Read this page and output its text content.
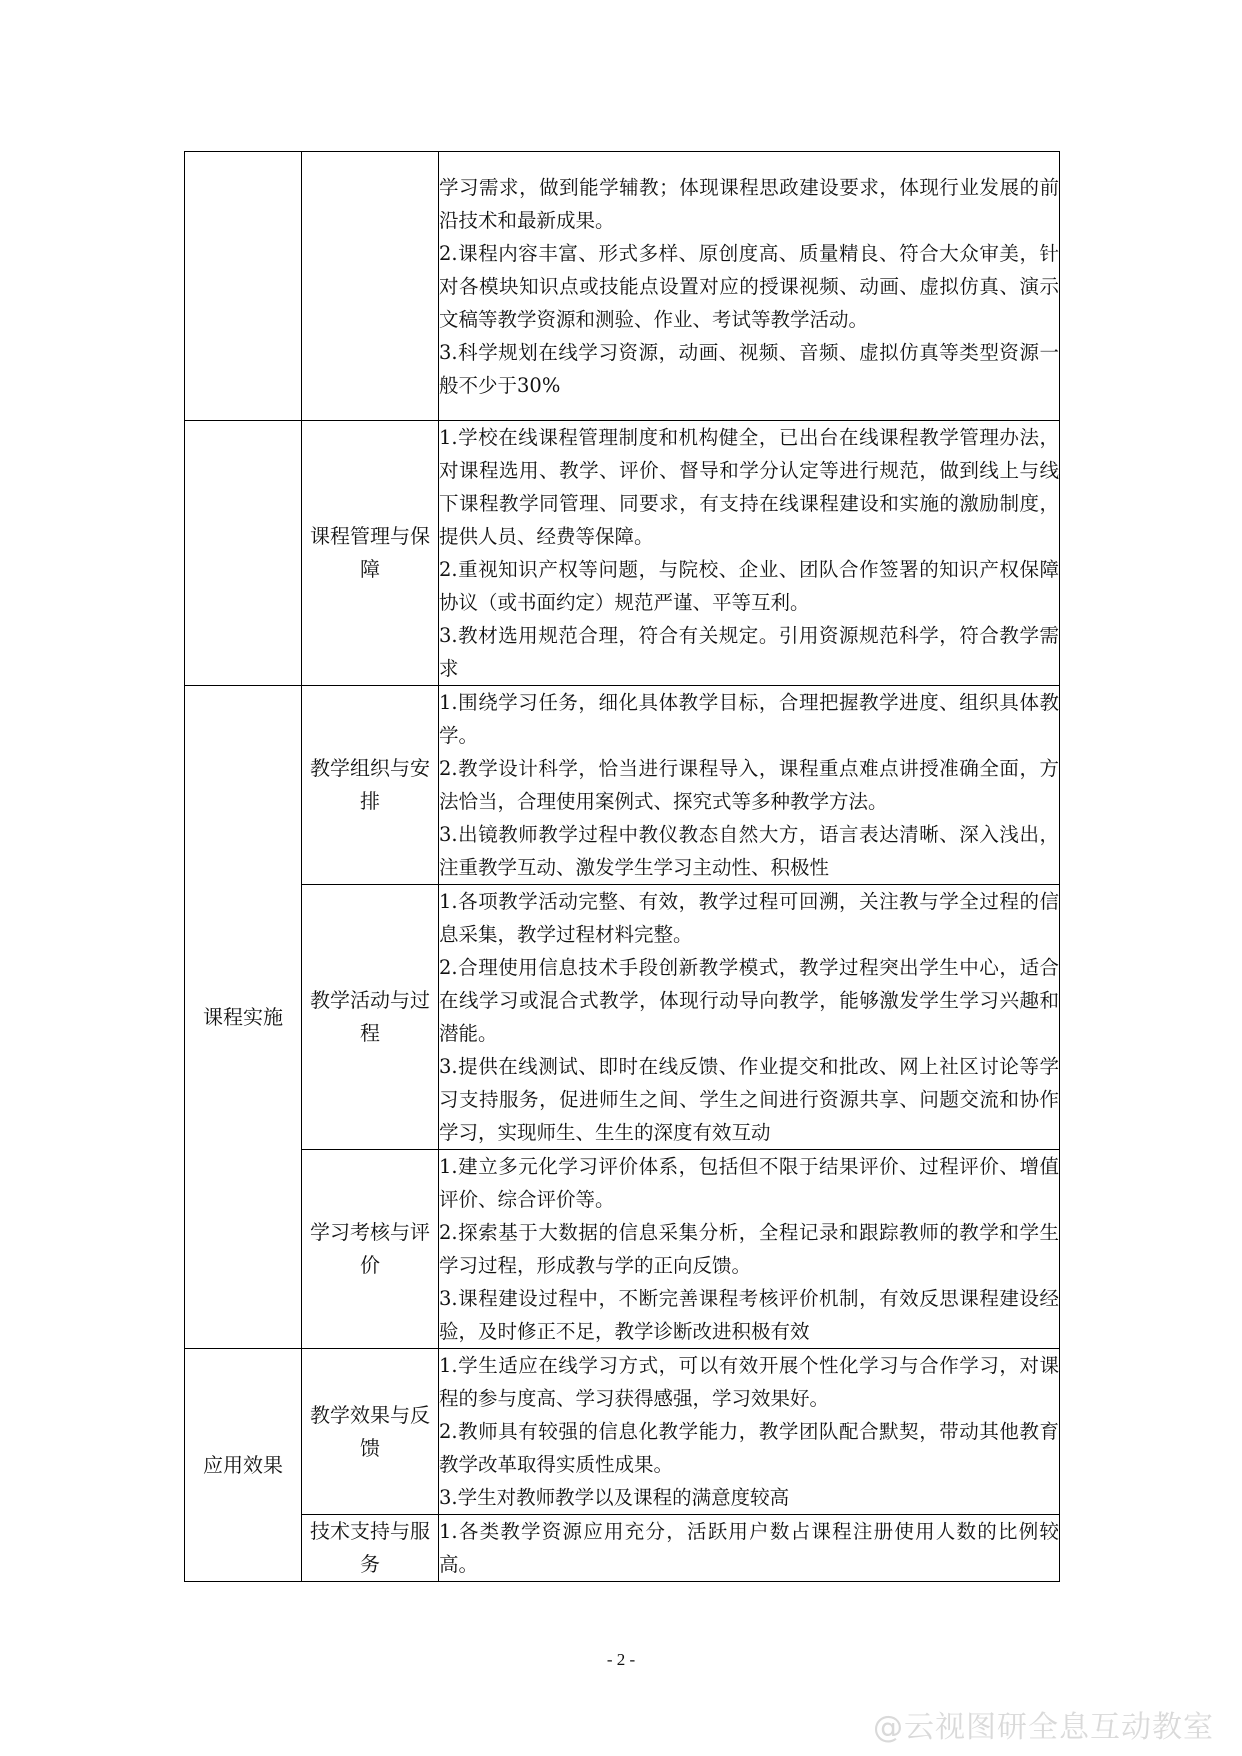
		学习需求，做到能学辅教；体现课程思政建设要求，体现行业发展的前沿技术和最新成果。

2.课程内容丰富、形式多样、原创度高、质量精良、符合大众审美，针对各模块知识点或技能点设置对应的授课视频、动画、虚拟仿真、演示文稿等教学资源和测验、作业、考试等教学活动。

3.科学规划在线学习资源，动画、视频、音频、虚拟仿真等类型资源一般不少于30%

	课程管理与保障	1.学校在线课程管理制度和机构健全，已出台在线课程教学管理办法，对课程选用、教学、评价、督导和学分认定等进行规范，做到线上与线下课程教学同管理、同要求，有支持在线课程建设和实施的激励制度，提供人员、经费等保障。

2.重视知识产权等问题，与院校、企业、团队合作签署的知识产权保障协议（或书面约定）规范严谨、平等互利。

3.教材选用规范合理，符合有关规定。引用资源规范科学，符合教学需求

课程实施	教学组织与安排	1.围绕学习任务，细化具体教学目标，合理把握教学进度、组织具体教学。

2.教学设计科学，恰当进行课程导入，课程重点难点讲授准确全面，方法恰当，合理使用案例式、探究式等多种教学方法。

3.出镜教师教学过程中教仪教态自然大方，语言表达清晰、深入浅出，注重教学互动、激发学生学习主动性、积极性

	教学活动与过程	1.各项教学活动完整、有效，教学过程可回溯，关注教与学全过程的信息采集，教学过程材料完整。

2.合理使用信息技术手段创新教学模式，教学过程突出学生中心，适合在线学习或混合式教学，体现行动导向教学，能够激发学生学习兴趣和潜能。

3.提供在线测试、即时在线反馈、作业提交和批改、网上社区讨论等学习支持服务，促进师生之间、学生之间进行资源共享、问题交流和协作学习，实现师生、生生的深度有效互动

	学习考核与评价	1.建立多元化学习评价体系，包括但不限于结果评价、过程评价、增值评价、综合评价等。

2.探索基于大数据的信息采集分析，全程记录和跟踪教师的教学和学生学习过程，形成教与学的正向反馈。

3.课程建设过程中，不断完善课程考核评价机制，有效反思课程建设经验，及时修正不足，教学诊断改进积极有效

应用效果	教学效果与反馈	1.学生适应在线学习方式，可以有效开展个性化学习与合作学习，对课程的参与度高、学习获得感强，学习效果好。

2.教师具有较强的信息化教学能力，教学团队配合默契，带动其他教育教学改革取得实质性成果。

3.学生对教师教学以及课程的满意度较高

	技术支持与服务	1.各类教学资源应用充分，活跃用户数占课程注册使用人数的比例较高。

- 2 -
@云视图研全息互动教室
